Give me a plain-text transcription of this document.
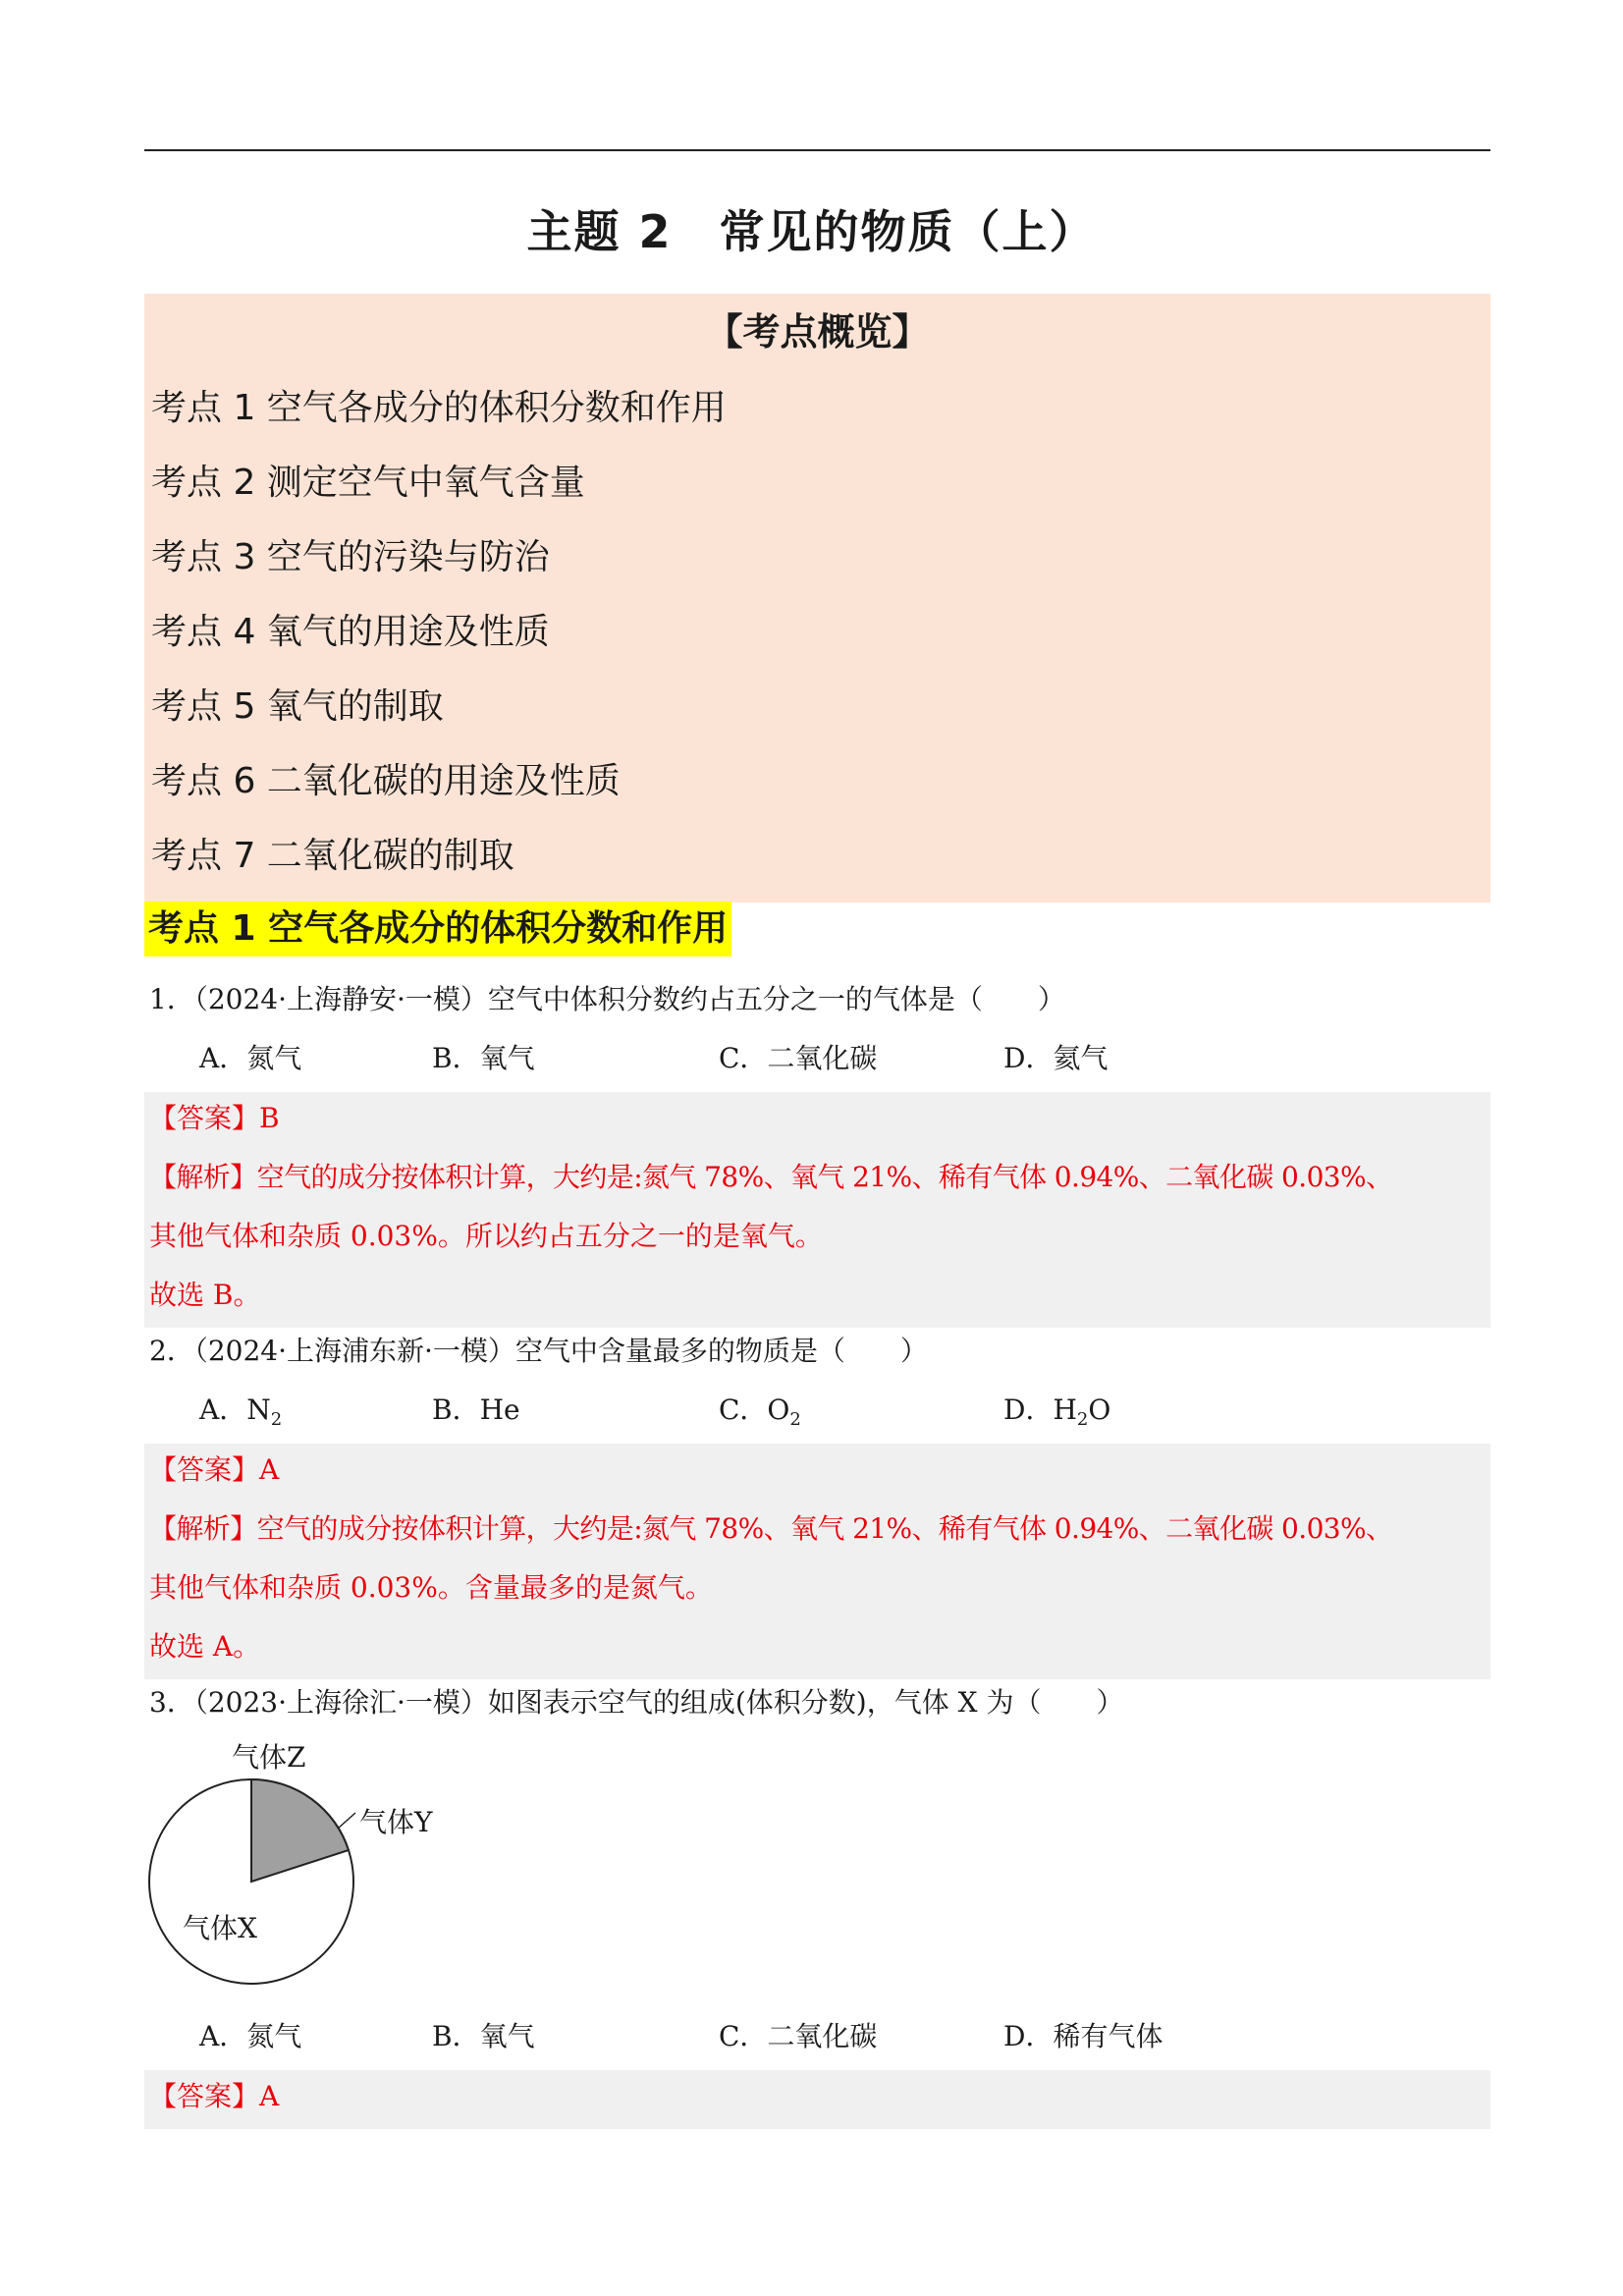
主题 2　常见的物质（上）
【考点概览】
考点 1 空气各成分的体积分数和作用
考点 2 测定空气中氧气含量
考点 3 空气的污染与防治
考点 4 氧气的用途及性质
考点 5 氧气的制取
考点 6 二氧化碳的用途及性质
考点 7 二氧化碳的制取
考点 1 空气各成分的体积分数和作用
1．（2024·上海静安·一模）空气中体积分数约占五分之一的气体是（　　）
A．氮气	B．氧气	C．二氧化碳	D．氦气
【答案】B
【解析】空气的成分按体积计算，大约是:氮气 78%、氧气 21%、稀有气体 0.94%、二氧化碳 0.03%、
其他气体和杂质 0.03%。所以约占五分之一的是氧气。
故选 B。
2．（2024·上海浦东新·一模）空气中含量最多的物质是（　　）
A．$N_2$	B．He	C．$O_2$	D．$H_2O$
【答案】A
【解析】空气的成分按体积计算，大约是:氮气 78%、氧气 21%、稀有气体 0.94%、二氧化碳 0.03%、
其他气体和杂质 0.03%。含量最多的是氮气。
故选 A。
3．（2023·上海徐汇·一模）如图表示空气的组成(体积分数)，气体 X 为（　　）
气体Z
气体Y
气体X
A．氮气	B．氧气	C．二氧化碳	D．稀有气体
【答案】A
